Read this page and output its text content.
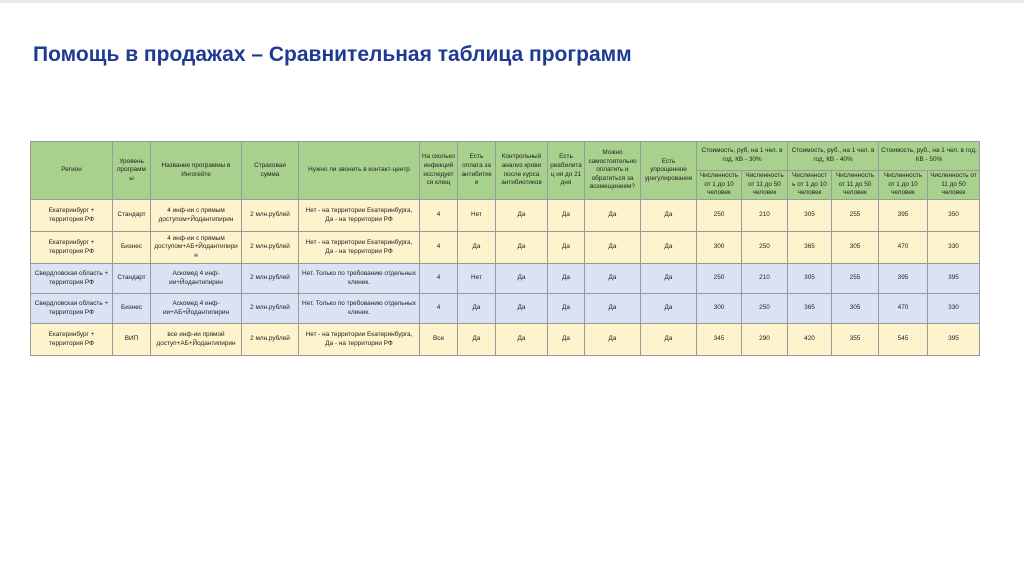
Помощь в продажах – Сравнительная таблица программ
Регион	Уровень программы	Название программы в Ингогейте	Страховая сумма	Нужно ли звонить в контакт-центр	На сколько инфекций исследуется клещ	Есть оплата за антибитик и	Контрольный анализ крови после курса антибиотиков	Есть реабилитац ия до 21 дня	Можно самостоятельно оплатить и обратиться за возмещением?	Есть упрощенное урегулирование	Стоимость, руб, на 1 чел. в год, КВ - 30%		Стоимость, руб., на 1 чел. в год, КВ - 40%		Стоимость, руб., на 1 чел. в год, КВ - 50%	
											Численность от 1 до 10 человек	Численность от 11 до 50 человек	Численност ь от 1 до 10 человек	Численность от 11 до 50 человек	Численность от 1 до 10 человек	Численность от 11 до 50 человек
Екатеринбург + территория РФ	Стандарт	4 инф-ии с прямым доступом+Йодантипирин	2 млн.рублей	Нет - на территории Екатеринбурга, Да - на территории РФ	4	Нет	Да	Да	Да	Да	250	210	305	255	395	350
Екатеринбург + территория РФ	Бизнес	4 инф-ии с прямым доступом+АБ+Йодантипири н	2 млн.рублей	Нет - на территории Екатеринбурга, Да - на территории РФ	4	Да	Да	Да	Да	Да	300	250	365	305	470	330
Свердловская область + территория РФ	Стандарт	Аскомед 4 инф-ии+Йодантипирин	2 млн.рублей	Нет. Только по требованию отдельных клиник.	4	Нет	Да	Да	Да	Да	250	210	305	255	395	395
Свердловская область + территория РФ	Бизнес	Аскомед 4 инф-ии+АБ+Йодантипирин	2 млн.рублей	Нет. Только по требованию отдельных клиник.	4	Да	Да	Да	Да	Да	300	250	365	305	470	330
Екатеринбург + территория РФ	ВИП	все инф-ии прямой доступ+АБ+Йодантипирин	2 млн.рублей	Нет - на территории Екатеринбурга, Да - на территории РФ	Все	Да	Да	Да	Да	Да	345	290	420	355	545	395
